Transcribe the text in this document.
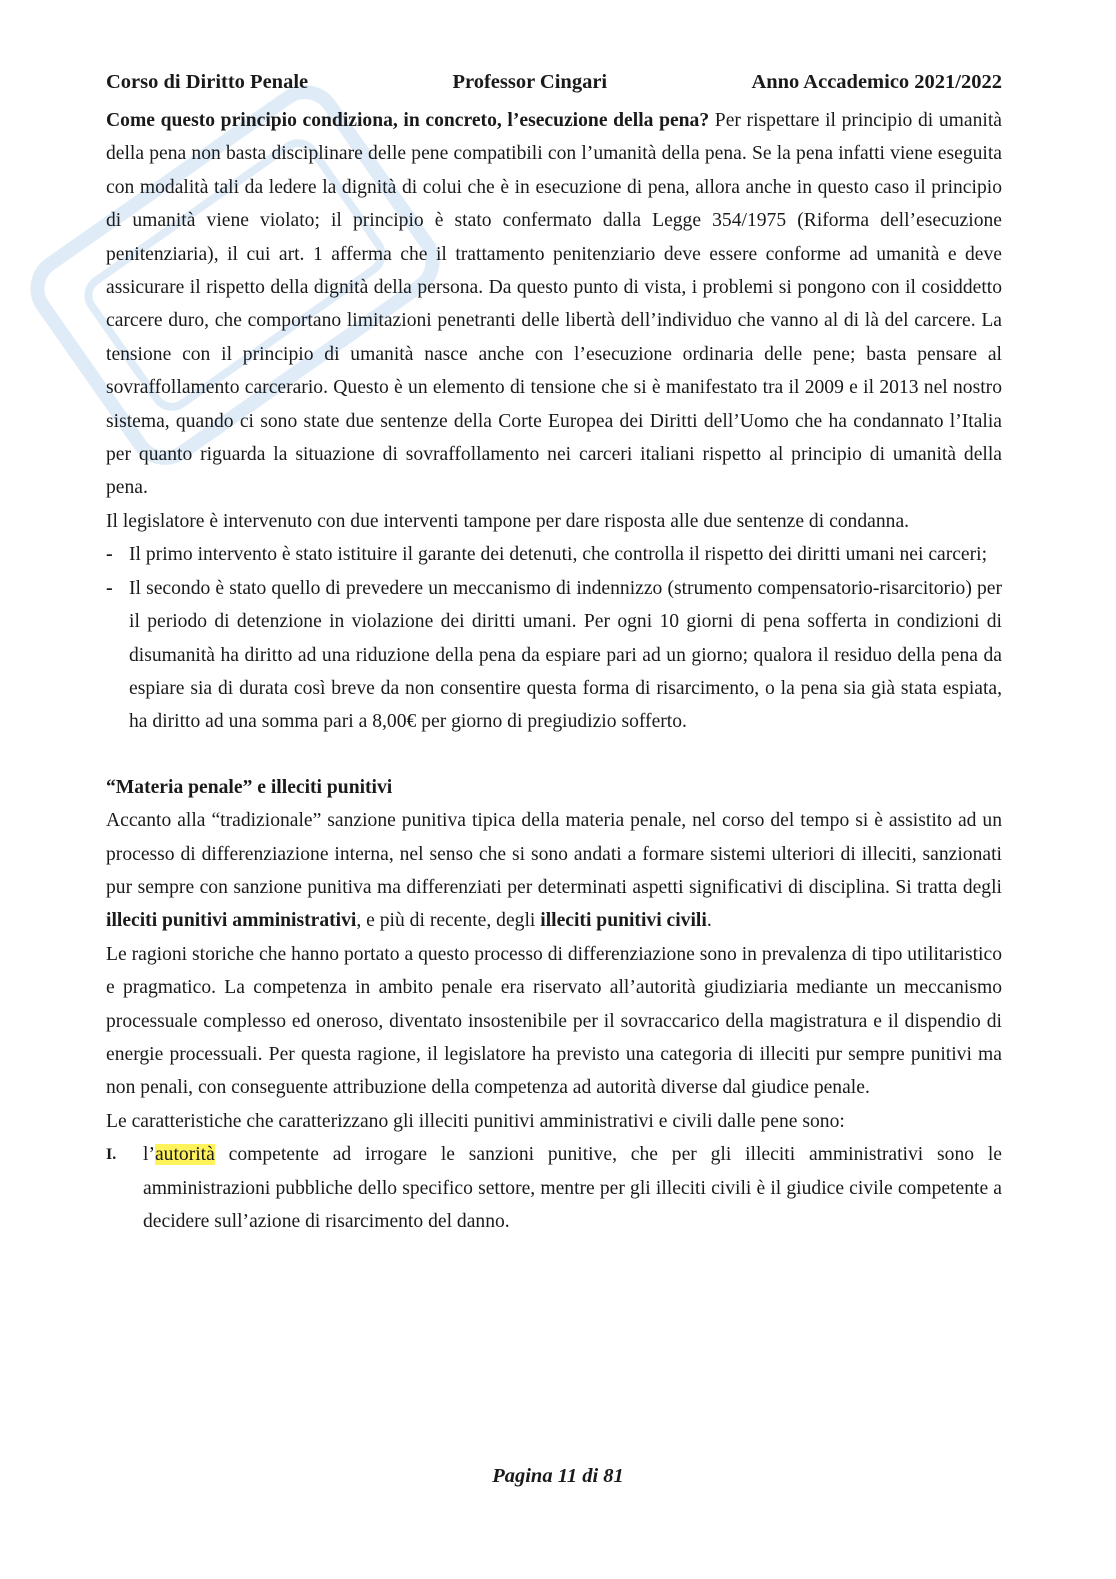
Corso di Diritto Penale	Professor Cingari	Anno Accademico 2021/2022

Come questo principio condiziona, in concreto, l’esecuzione della pena? Per rispettare il principio di umanità della pena non basta disciplinare delle pene compatibili con l’umanità della pena. Se la pena infatti viene eseguita con modalità tali da ledere la dignità di colui che è in esecuzione di pena, allora anche in questo caso il principio di umanità viene violato; il principio è stato confermato dalla Legge 354/1975 (Riforma dell’esecuzione penitenziaria), il cui art. 1 afferma che il trattamento penitenziario deve essere conforme ad umanità e deve assicurare il rispetto della dignità della persona. Da questo punto di vista, i problemi si pongono con il cosiddetto carcere duro, che comportano limitazioni penetranti delle libertà dell’individuo che vanno al di là del carcere. La tensione con il principio di umanità nasce anche con l’esecuzione ordinaria delle pene; basta pensare al sovraffollamento carcerario. Questo è un elemento di tensione che si è manifestato tra il 2009 e il 2013 nel nostro sistema, quando ci sono state due sentenze della Corte Europea dei Diritti dell’Uomo che ha condannato l’Italia per quanto riguarda la situazione di sovraffollamento nei carceri italiani rispetto al principio di umanità della pena.

Il legislatore è intervenuto con due interventi tampone per dare risposta alle due sentenze di condanna.

- Il primo intervento è stato istituire il garante dei detenuti, che controlla il rispetto dei diritti umani nei carceri;
- Il secondo è stato quello di prevedere un meccanismo di indennizzo (strumento compensatorio-risarcitorio) per il periodo di detenzione in violazione dei diritti umani. Per ogni 10 giorni di pena sofferta in condizioni di disumanità ha diritto ad una riduzione della pena da espiare pari ad un giorno; qualora il residuo della pena da espiare sia di durata così breve da non consentire questa forma di risarcimento, o la pena sia già stata espiata, ha diritto ad una somma pari a 8,00€ per giorno di pregiudizio sofferto.

“Materia penale” e illeciti punitivi

Accanto alla “tradizionale” sanzione punitiva tipica della materia penale, nel corso del tempo si è assistito ad un processo di differenziazione interna, nel senso che si sono andati a formare sistemi ulteriori di illeciti, sanzionati pur sempre con sanzione punitiva ma differenziati per determinati aspetti significativi di disciplina. Si tratta degli illeciti punitivi amministrativi, e più di recente, degli illeciti punitivi civili.

Le ragioni storiche che hanno portato a questo processo di differenziazione sono in prevalenza di tipo utilitaristico e pragmatico. La competenza in ambito penale era riservato all’autorità giudiziaria mediante un meccanismo processuale complesso ed oneroso, diventato insostenibile per il sovraccarico della magistratura e il dispendio di energie processuali. Per questa ragione, il legislatore ha previsto una categoria di illeciti pur sempre punitivi ma non penali, con conseguente attribuzione della competenza ad autorità diverse dal giudice penale.

Le caratteristiche che caratterizzano gli illeciti punitivi amministrativi e civili dalle pene sono:

I. l’autorità competente ad irrogare le sanzioni punitive, che per gli illeciti amministrativi sono le amministrazioni pubbliche dello specifico settore, mentre per gli illeciti civili è il giudice civile competente a decidere sull’azione di risarcimento del danno.
Pagina 11 di 81
